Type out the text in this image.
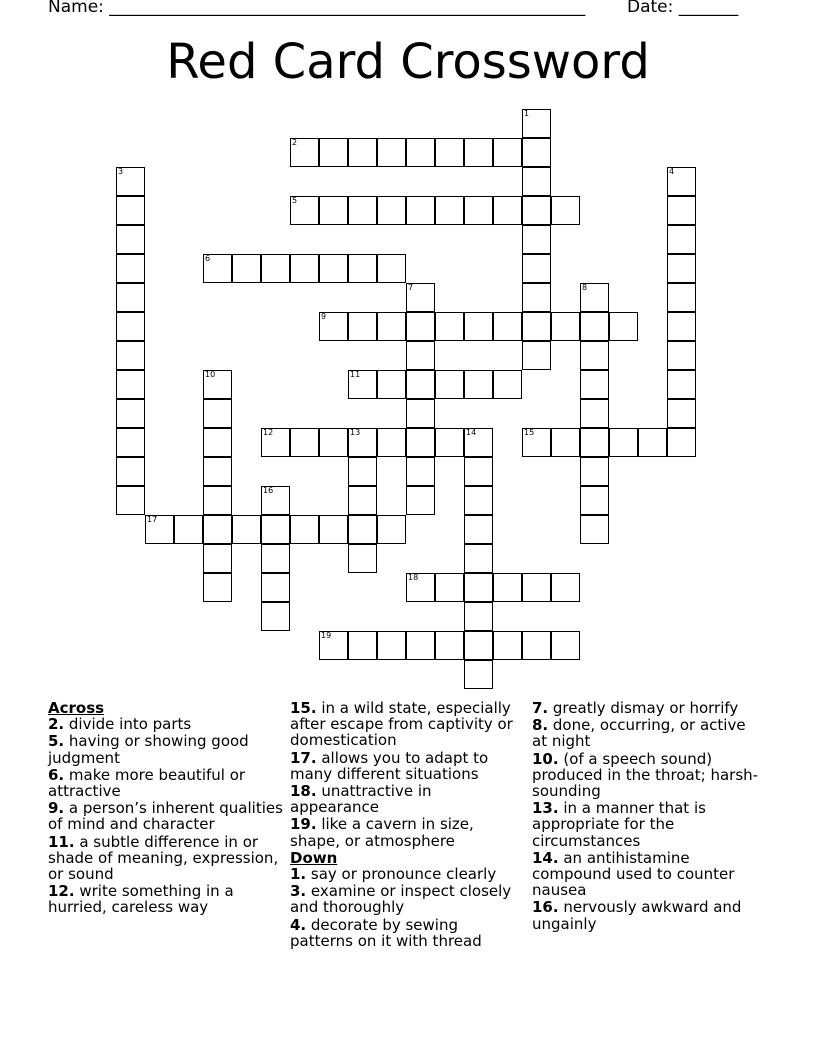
Name: ________________________________________________________ Date: _______
Red Card Crossword
1
2
3	4
5
6
7	8
9
10	11
12	13	14	15
16
17
18
19
Across
2. divide into parts
5. having or showing good judgment
6. make more beautiful or attractive
9. a person’s inherent qualities of mind and character
11. a subtle difference in or shade of meaning, expression, or sound
12. write something in a hurried, careless way
15. in a wild state, especially after escape from captivity or domestication
17. allows you to adapt to many different situations
18. unattractive in appearance
19. like a cavern in size, shape, or atmosphere
Down
1. say or pronounce clearly
3. examine or inspect closely and thoroughly
4. decorate by sewing patterns on it with thread
7. greatly dismay or horrify
8. done, occurring, or active at night
10. (of a speech sound) produced in the throat; harsh-sounding
13. in a manner that is appropriate for the circumstances
14. an antihistamine compound used to counter nausea
16. nervously awkward and ungainly
